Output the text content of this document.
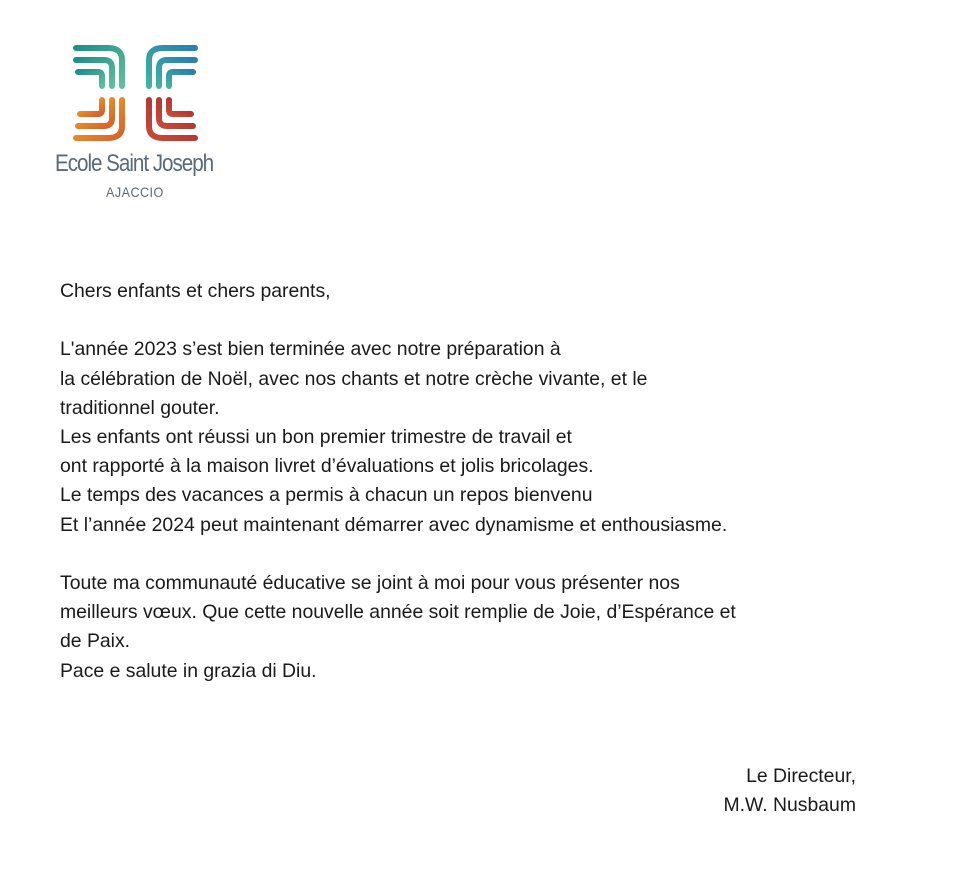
Ecole Saint Joseph
AJACCIO

Chers enfants et chers parents,

L'année 2023 s’est bien terminée avec notre préparation à

la célébration de Noël, avec nos chants et notre crèche vivante, et le

traditionnel gouter.

Les enfants ont réussi un bon premier trimestre de travail et

ont rapporté à la maison livret d’évaluations et jolis bricolages.

Le temps des vacances a permis à chacun un repos bienvenu

Et l’année 2024 peut maintenant démarrer avec dynamisme et enthousiasme.

Toute ma communauté éducative se joint à moi pour vous présenter nos

meilleurs vœux. Que cette nouvelle année soit remplie de Joie, d’Espérance et

de Paix.

Pace e salute in grazia di Diu.

Le Directeur,

M.W. Nusbaum
